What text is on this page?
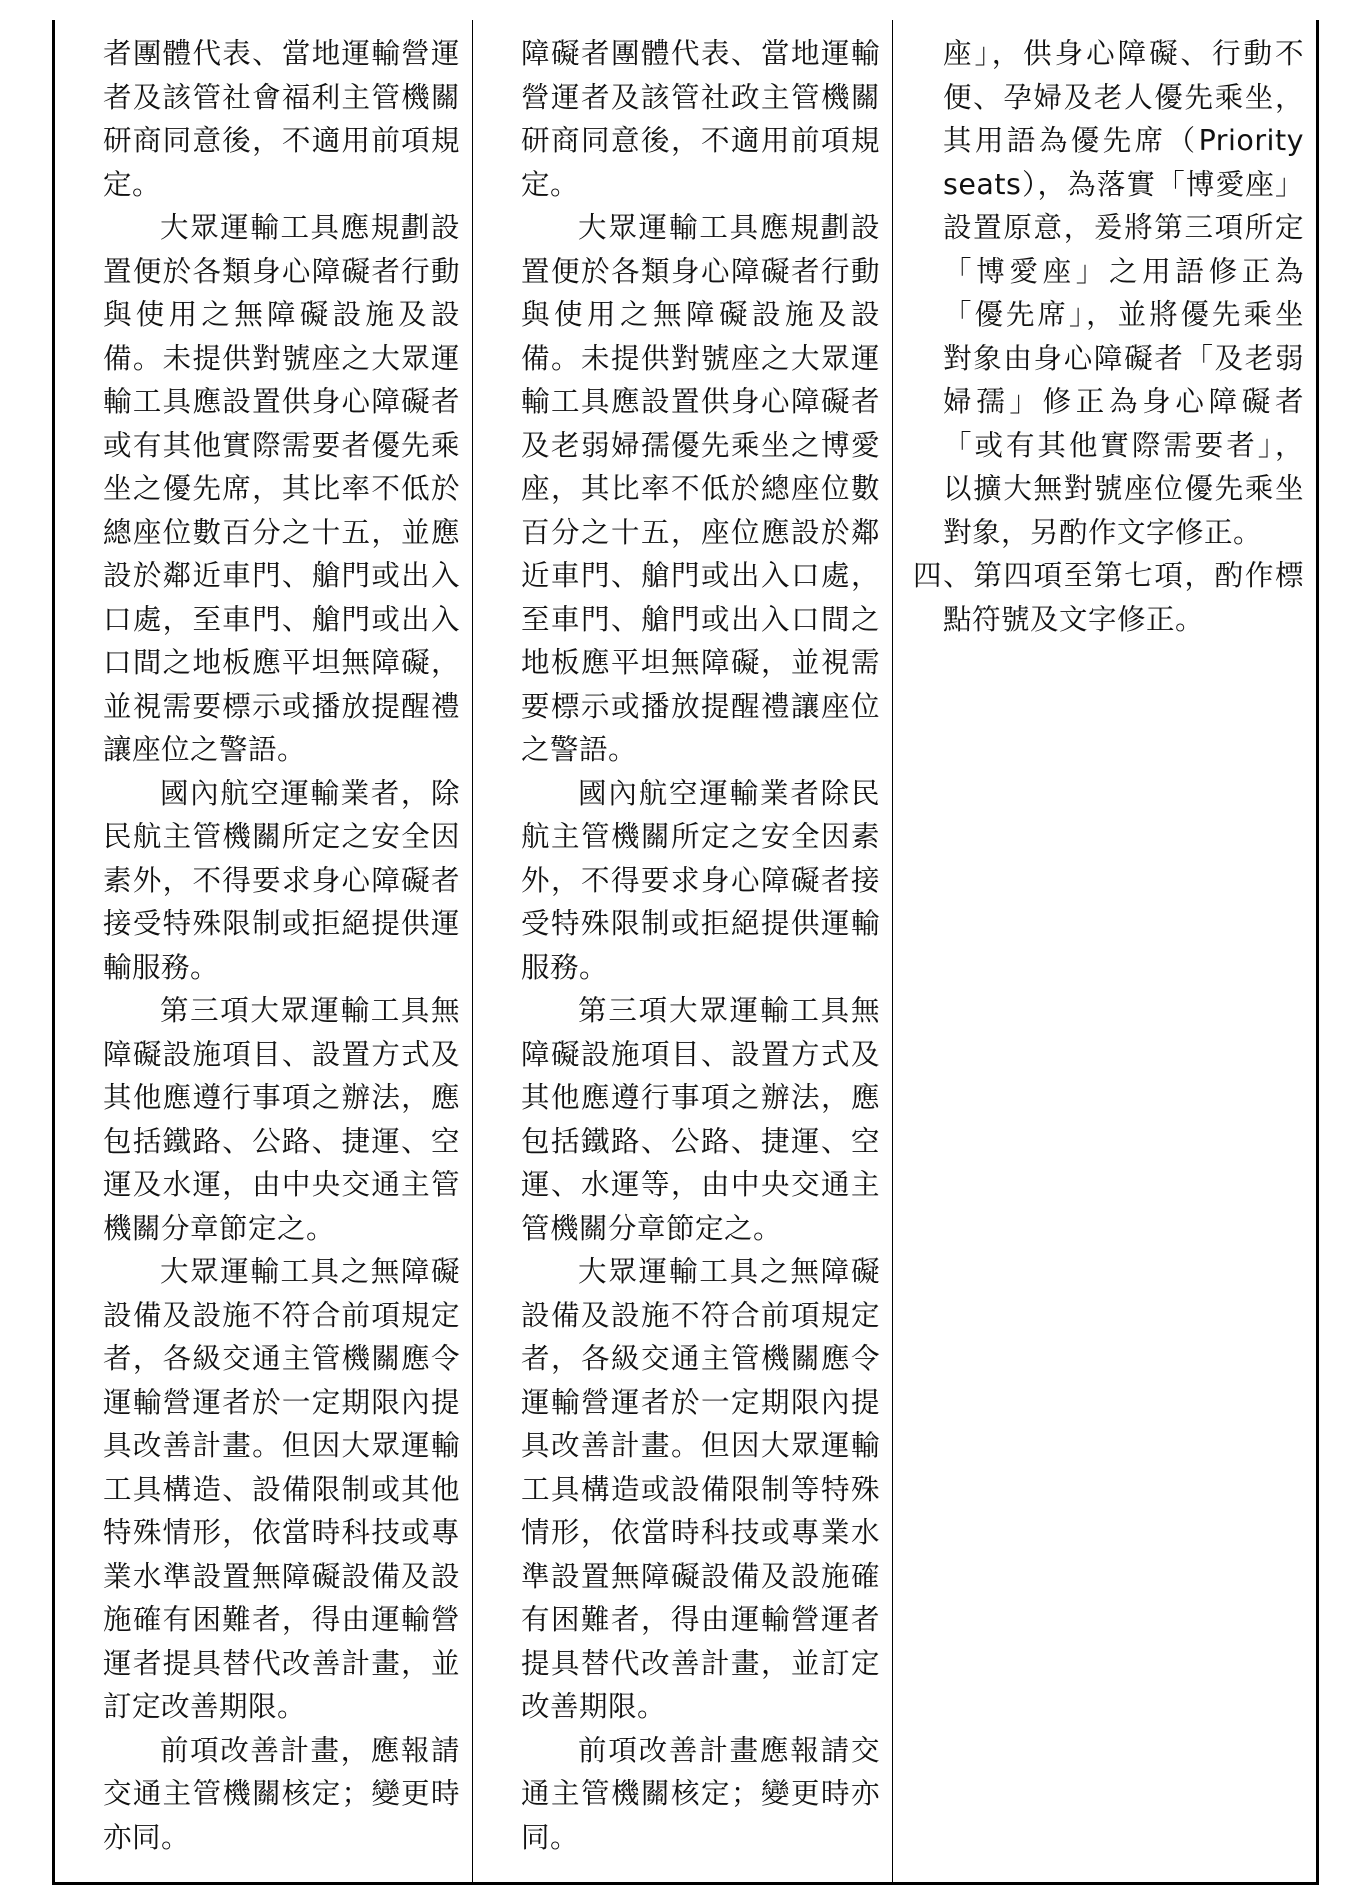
者團體代表、當地運輸營運者及該管社會福利主管機關研商同意後，不適用前項規定。

大眾運輸工具應規劃設置便於各類身心障礙者行動與使用之無障礙設施及設備。未提供對號座之大眾運輸工具應設置供身心障礙者或有其他實際需要者優先乘坐之優先席，其比率不低於總座位數百分之十五，並應設於鄰近車門、艙門或出入口處，至車門、艙門或出入口間之地板應平坦無障礙，並視需要標示或播放提醒禮讓座位之警語。

國內航空運輸業者，除民航主管機關所定之安全因素外，不得要求身心障礙者接受特殊限制或拒絕提供運輸服務。

第三項大眾運輸工具無障礙設施項目、設置方式及其他應遵行事項之辦法，應包括鐵路、公路、捷運、空運及水運，由中央交通主管機關分章節定之。

大眾運輸工具之無障礙設備及設施不符合前項規定者，各級交通主管機關應令運輸營運者於一定期限內提具改善計畫。但因大眾運輸工具構造、設備限制或其他特殊情形，依當時科技或專業水準設置無障礙設備及設施確有困難者，得由運輸營運者提具替代改善計畫，並訂定改善期限。

前項改善計畫，應報請交通主管機關核定；變更時亦同。

障礙者團體代表、當地運輸營運者及該管社政主管機關研商同意後，不適用前項規定。

大眾運輸工具應規劃設置便於各類身心障礙者行動與使用之無障礙設施及設備。未提供對號座之大眾運輸工具應設置供身心障礙者及老弱婦孺優先乘坐之博愛座，其比率不低於總座位數百分之十五，座位應設於鄰近車門、艙門或出入口處，至車門、艙門或出入口間之地板應平坦無障礙，並視需要標示或播放提醒禮讓座位之警語。

國內航空運輸業者除民航主管機關所定之安全因素外，不得要求身心障礙者接受特殊限制或拒絕提供運輸服務。

第三項大眾運輸工具無障礙設施項目、設置方式及其他應遵行事項之辦法，應包括鐵路、公路、捷運、空運、水運等，由中央交通主管機關分章節定之。

大眾運輸工具之無障礙設備及設施不符合前項規定者，各級交通主管機關應令運輸營運者於一定期限內提具改善計畫。但因大眾運輸工具構造或設備限制等特殊情形，依當時科技或專業水準設置無障礙設備及設施確有困難者，得由運輸營運者提具替代改善計畫，並訂定改善期限。

前項改善計畫應報請交通主管機關核定；變更時亦同。

座」，供身心障礙、行動不便、孕婦及老人優先乘坐，其用語為優先席（Priority seats），為落實「博愛座」設置原意，爰將第三項所定「博愛座」之用語修正為「優先席」，並將優先乘坐對象由身心障礙者「及老弱婦孺」修正為身心障礙者「或有其他實際需要者」，以擴大無對號座位優先乘坐對象，另酌作文字修正。

四、第四項至第七項，酌作標點符號及文字修正。
